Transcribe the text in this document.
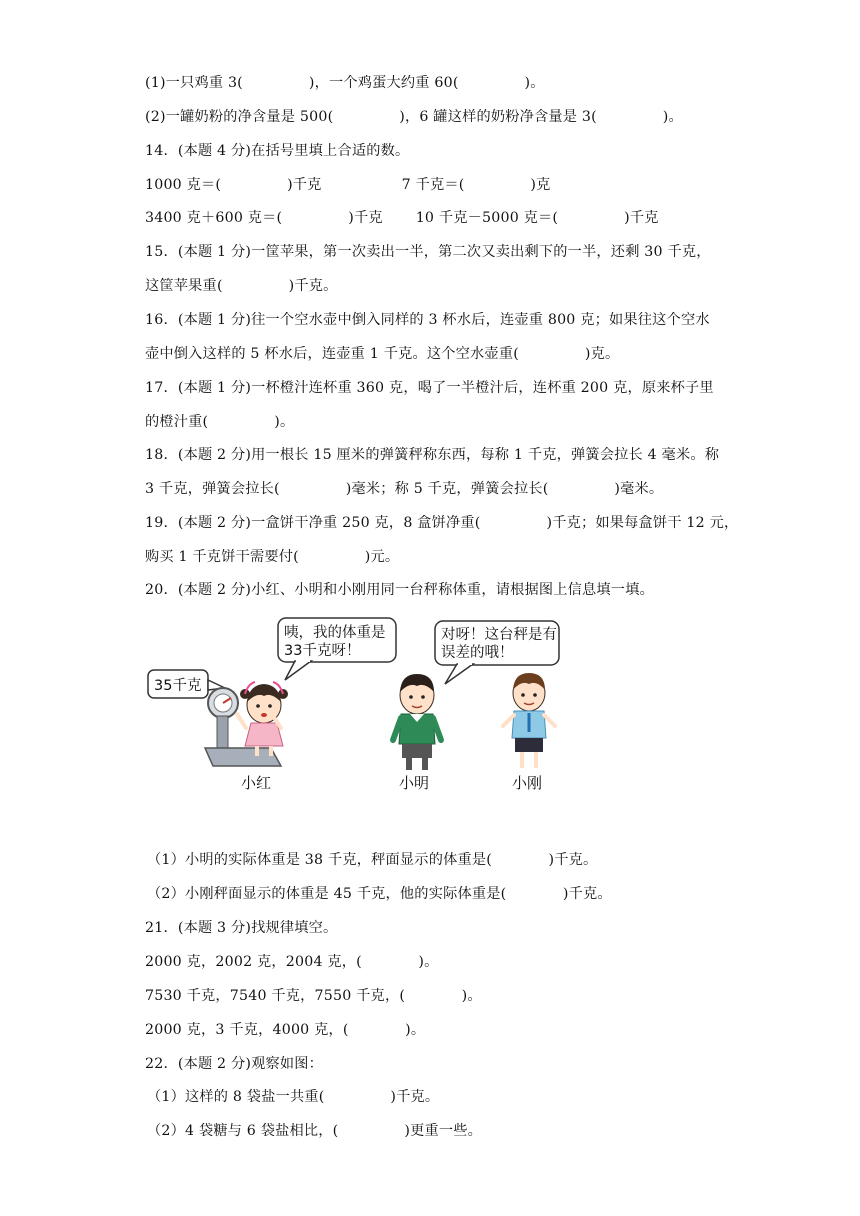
(1)一只鸡重 3(              )，一个鸡蛋大约重 60(              )。
(2)一罐奶粉的净含量是 500(              )，6 罐这样的奶粉净含量是 3(              )。
14．(本题 4 分)在括号里填上合适的数。
1000 克＝(              )千克                 7 千克＝(              )克
3400 克＋600 克＝(              )千克       10 千克－5000 克＝(              )千克
15．(本题 1 分)一筐苹果，第一次卖出一半，第二次又卖出剩下的一半，还剩 30 千克，
这筐苹果重(              )千克。
16．(本题 1 分)往一个空水壶中倒入同样的 3 杯水后，连壶重 800 克；如果往这个空水
壶中倒入这样的 5 杯水后，连壶重 1 千克。这个空水壶重(              )克。
17．(本题 1 分)一杯橙汁连杯重 360 克，喝了一半橙汁后，连杯重 200 克，原来杯子里
的橙汁重(              )。
18．(本题 2 分)用一根长 15 厘米的弹簧秤称东西，每称 1 千克，弹簧会拉长 4 毫米。称
3 千克，弹簧会拉长(              )毫米；称 5 千克，弹簧会拉长(              )毫米。
19．(本题 2 分)一盒饼干净重 250 克，8 盒饼净重(              )千克；如果每盒饼干 12 元，
购买 1 千克饼干需要付(              )元。
20．(本题 2 分)小红、小明和小刚用同一台秤称体重，请根据图上信息填一填。
（1）小明的实际体重是 38 千克，秤面显示的体重是(            )千克。
（2）小刚秤面显示的体重是 45 千克，他的实际体重是(            )千克。
21．(本题 3 分)找规律填空。
2000 克，2002 克，2004 克，(            )。
7530 千克，7540 千克，7550 千克，(            )。
2000 克，3 千克，4000 克，(            )。
22．(本题 2 分)观察如图：
（1）这样的 8 袋盐一共重(              )千克。
（2）4 袋糖与 6 袋盐相比，(              )更重一些。
35千克
咦，我的体重是
33千克呀！
对呀！这台秤是有
误差的哦！
小红	小明	小刚
